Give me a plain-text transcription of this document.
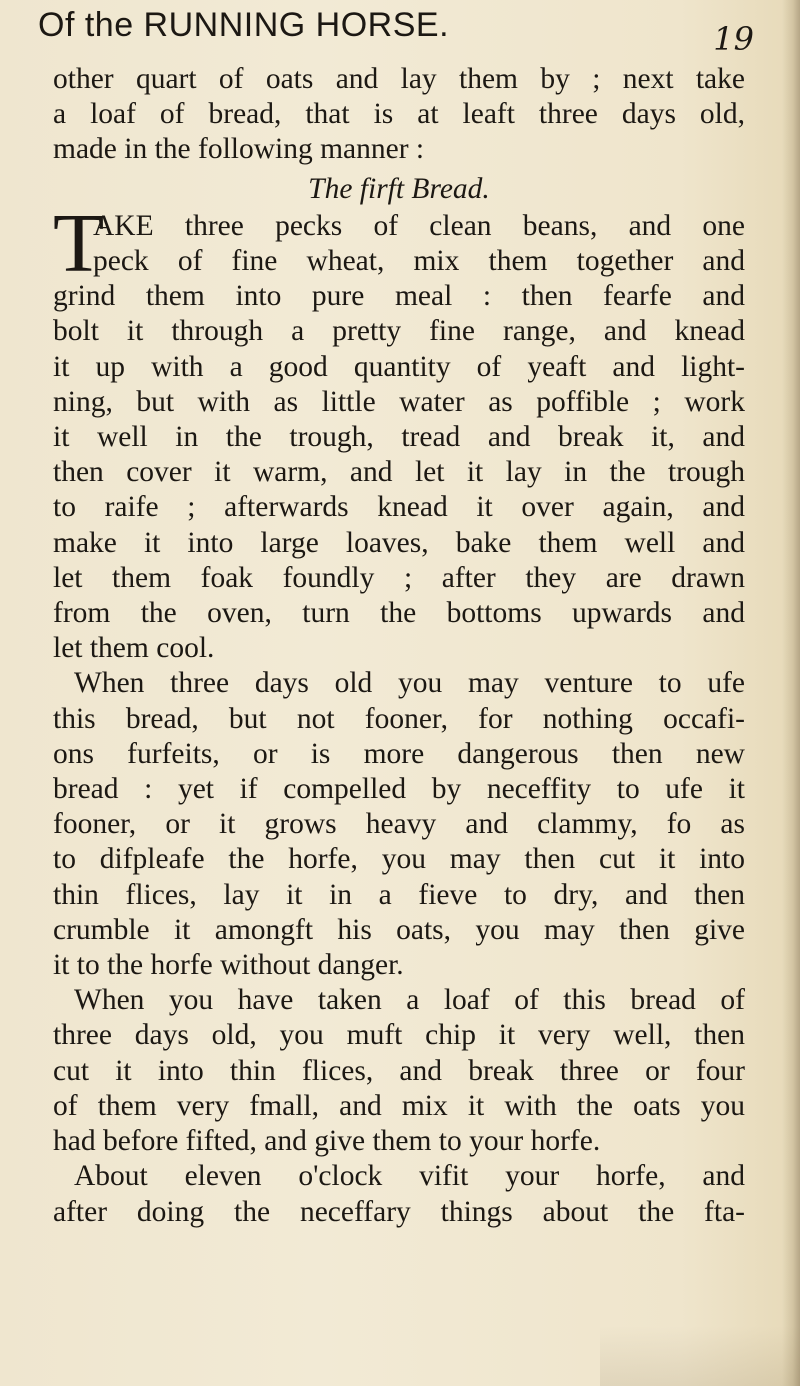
Of the RUNNING HORSE.	19
other quart of oats and lay them by ; next take
a loaf of bread, that is at leaft three days old,
made in the following manner :
The firft Bread.
T
AKE three pecks of clean beans, and one
peck of fine wheat, mix them together and
grind them into pure meal : then fearfe and
bolt it through a pretty fine range, and knead
it up with a good quantity of yeaft and light-
ning, but with as little water as poffible ; work
it well in the trough, tread and break it, and
then cover it warm, and let it lay in the trough
to raife ; afterwards knead it over again, and
make it into large loaves, bake them well and
let them foak foundly ; after they are drawn
from the oven, turn the bottoms upwards and
let them cool.
When three days old you may venture to ufe
this bread, but not fooner, for nothing occafi-
ons furfeits, or is more dangerous then new
bread : yet if compelled by neceffity to ufe it
fooner, or it grows heavy and clammy, fo as
to difpleafe the horfe, you may then cut it into
thin flices, lay it in a fieve to dry, and then
crumble it amongft his oats, you may then give
it to the horfe without danger.
When you have taken a loaf of this bread of
three days old, you muft chip it very well, then
cut it into thin flices, and break three or four
of them very fmall, and mix it with the oats you
had before fifted, and give them to your horfe.
About eleven o'clock vifit your horfe, and
after doing the neceffary things about the fta-
